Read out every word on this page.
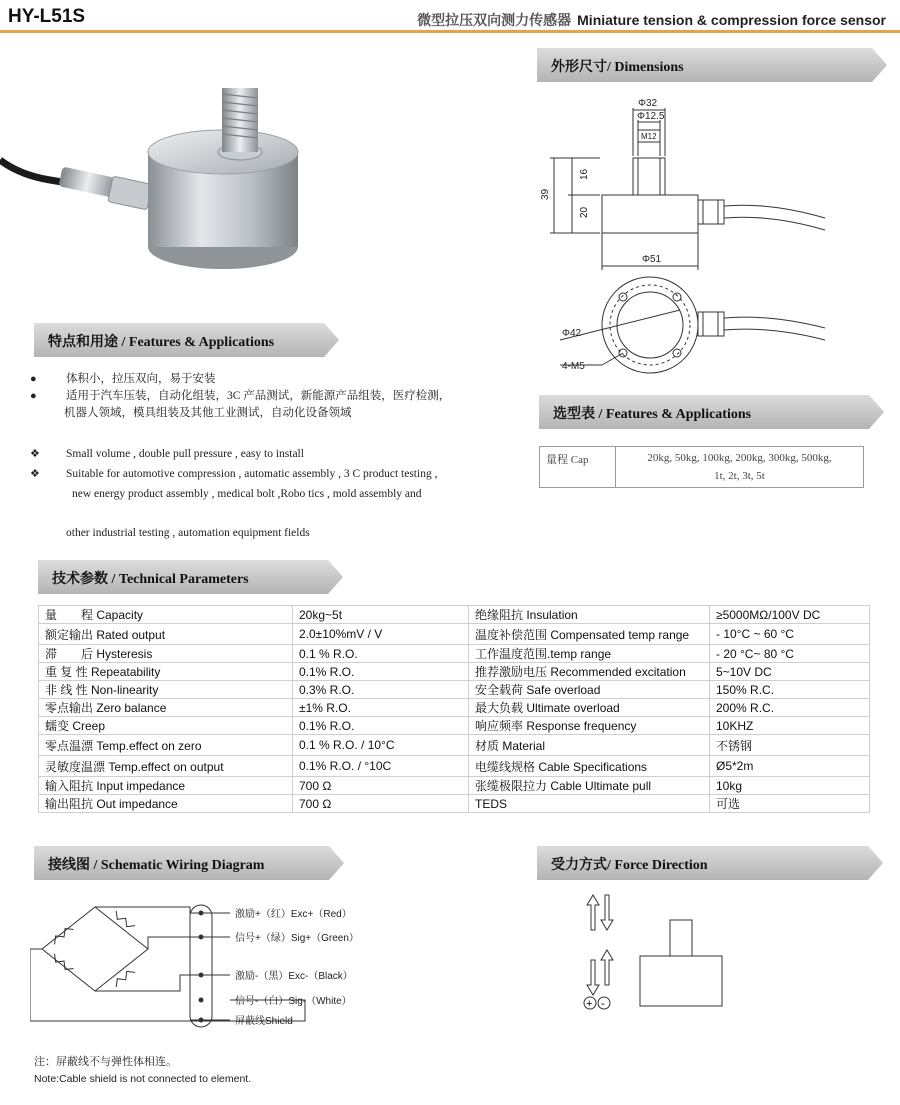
HY-L51S	微型拉压双向测力传感器 Miniature tension & compression force sensor
外形尺寸/ Dimensions
特点和用途 / Features & Applications
选型表 / Features & Applications
技术参数 / Technical Parameters
接线图 / Schematic Wiring Diagram	受力方式/ Force Direction
●	体积小，拉压双向，易于安装
●	适用于汽车压装，自动化组装，3C 产品测试，新能源产品组装，医疗检测，
机器人领域，模具组装及其他工业测试，自动化设备领域
❖ Small volume , double pull pressure , easy to install
❖ Suitable for automotive compression , automatic assembly , 3 C product testing ,
new energy product assembly , medical bolt ,Robo tics , mold assembly and
other industrial testing , automation equipment fields
量程 Cap	20kg, 50kg, 100kg, 200kg, 300kg, 500kg,
1t, 2t, 3t, 5t
量　　程 Capacity	20kg~5t	绝缘阻抗 Insulation	≥5000MΩ/100V DC
额定输出 Rated output	2.0±10%mV / V	温度补偿范围 Compensated temp range	- 10°C ~ 60 °C
滞　　后 Hysteresis	0.1 % R.O.	工作温度范围.temp range	- 20 °C~ 80 °C
重 复 性 Repeatability	0.1% R.O.	推荐激励电压 Recommended excitation	5~10V DC
非 线 性 Non-linearity	0.3% R.O.	安全载荷 Safe overload	150% R.C.
零点输出 Zero balance	±1% R.O.	最大负载 Ultimate overload	200% R.C.
蠕变 Creep	0.1% R.O.	响应频率 Response frequency	10KHZ
零点温漂 Temp.effect on zero	0.1 % R.O. / 10°C	材质 Material	不锈钢
灵敏度温漂 Temp.effect on output	0.1% R.O. / °10C	电缆线规格 Cable Specifications	Ø5*2m
输入阻抗 Input impedance	700 Ω	张缆极限拉力 Cable Ultimate pull	10kg
输出阻抗 Out impedance	700 Ω	TEDS	可选
Φ32
Φ12.5
M12
39
16
20
Φ51
Φ42
4-M5
激励+（红）Exc+（Red）
信号+（绿）Sig+（Green）
激励-（黑）Exc-（Black）
信号-（白）Sig-（White）
屏蔽线Shield
注：屏蔽线不与弹性体相连。
Note:Cable shield is not connected to element.
+ -
